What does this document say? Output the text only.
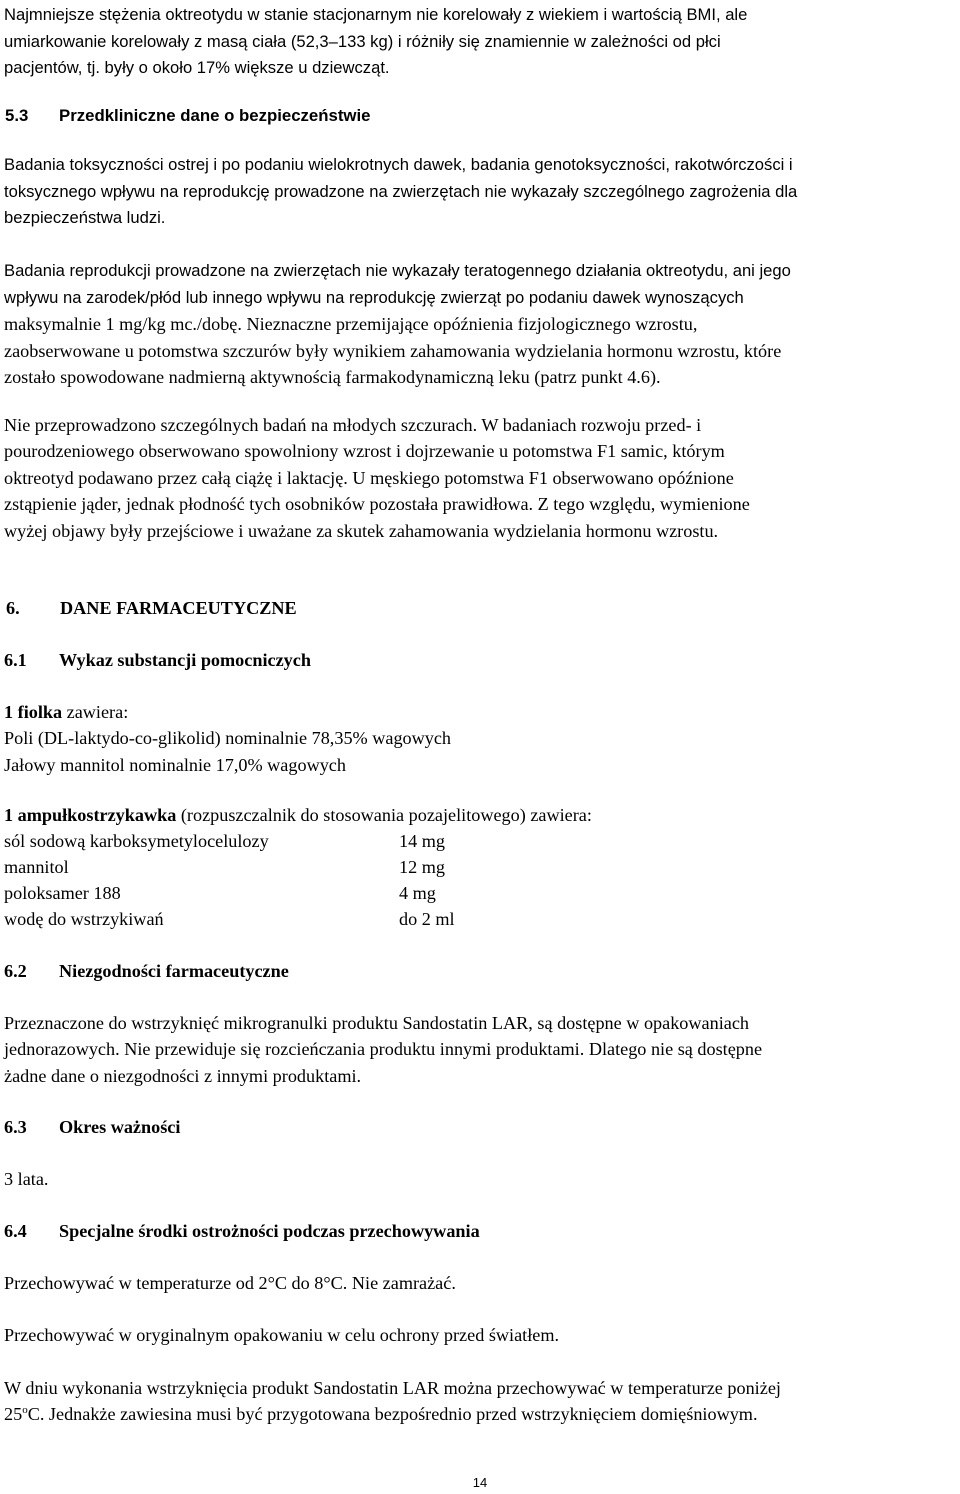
Najmniejsze stężenia oktreotydu w stanie stacjonarnym nie korelowały z wiekiem i wartością BMI, ale
umiarkowanie korelowały z masą ciała (52,3–133 kg) i różniły się znamiennie w zależności od płci
pacjentów, tj. były o około 17% większe u dziewcząt.
5.3 Przedkliniczne dane o bezpieczeństwie
Badania toksyczności ostrej i po podaniu wielokrotnych dawek, badania genotoksyczności, rakotwórczości i
toksycznego wpływu na reprodukcję prowadzone na zwierzętach nie wykazały szczególnego zagrożenia dla
bezpieczeństwa ludzi.
Badania reprodukcji prowadzone na zwierzętach nie wykazały teratogennego działania oktreotydu, ani jego
wpływu na zarodek/płód lub innego wpływu na reprodukcję zwierząt po podaniu dawek wynoszących
maksymalnie 1 mg/kg mc./dobę. Nieznaczne przemijające opóźnienia fizjologicznego wzrostu,
zaobserwowane u potomstwa szczurów były wynikiem zahamowania wydzielania hormonu wzrostu, które
zostało spowodowane nadmierną aktywnością farmakodynamiczną leku (patrz punkt 4.6).
Nie przeprowadzono szczególnych badań na młodych szczurach. W badaniach rozwoju przed- i
pourodzeniowego obserwowano spowolniony wzrost i dojrzewanie u potomstwa F1 samic, którym
oktreotyd podawano przez całą ciążę i laktację. U męskiego potomstwa F1 obserwowano opóźnione
zstąpienie jąder, jednak płodność tych osobników pozostała prawidłowa. Z tego względu, wymienione
wyżej objawy były przejściowe i uważane za skutek zahamowania wydzielania hormonu wzrostu.
6. DANE FARMACEUTYCZNE
6.1 Wykaz substancji pomocniczych
1 fiolka zawiera:
Poli (DL-laktydo-co-glikolid) nominalnie 78,35% wagowych
Jałowy mannitol nominalnie 17,0% wagowych
1 ampułkostrzykawka (rozpuszczalnik do stosowania pozajelitowego) zawiera:
sól sodową karboksymetylocelulozy	14 mg
mannitol	12 mg
poloksamer 188	4 mg
wodę do wstrzykiwań	do 2 ml
6.2 Niezgodności farmaceutyczne
Przeznaczone do wstrzyknięć mikrogranulki produktu Sandostatin LAR, są dostępne w opakowaniach
jednorazowych. Nie przewiduje się rozcieńczania produktu innymi produktami. Dlatego nie są dostępne
żadne dane o niezgodności z innymi produktami.
6.3 Okres ważności
3 lata.
6.4 Specjalne środki ostrożności podczas przechowywania
Przechowywać w temperaturze od 2°C do 8°C. Nie zamrażać.
Przechowywać w oryginalnym opakowaniu w celu ochrony przed światłem.
W dniu wykonania wstrzyknięcia produkt Sandostatin LAR można przechowywać w temperaturze poniżej
25$^o$C. Jednakże zawiesina musi być przygotowana bezpośrednio przed wstrzyknięciem domięśniowym.
14
